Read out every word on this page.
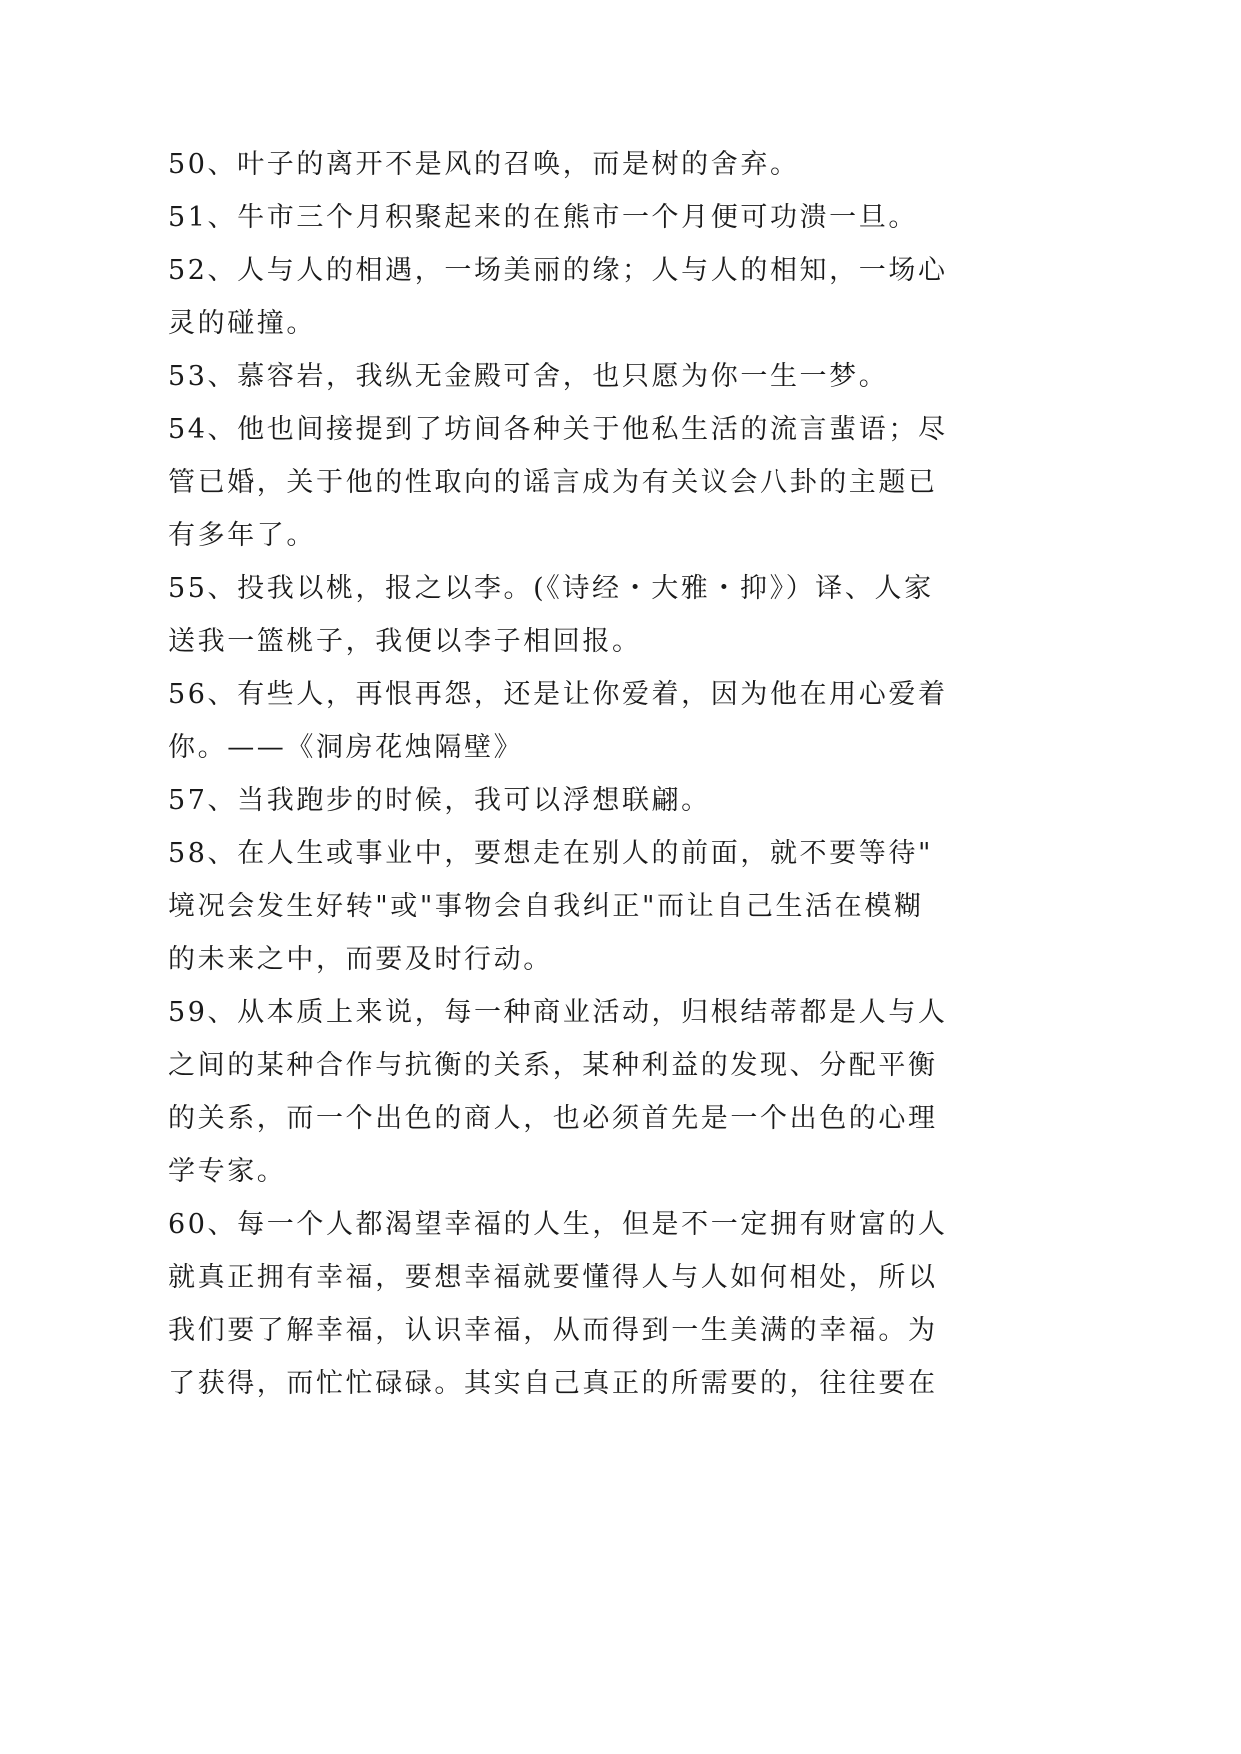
50、叶子的离开不是风的召唤，而是树的舍弃。
51、牛市三个月积聚起来的在熊市一个月便可功溃一旦。
52、人与人的相遇，一场美丽的缘；人与人的相知，一场心
灵的碰撞。
53、慕容岩，我纵无金殿可舍，也只愿为你一生一梦。
54、他也间接提到了坊间各种关于他私生活的流言蜚语；尽
管已婚，关于他的性取向的谣言成为有关议会八卦的主题已
有多年了。
55、投我以桃，报之以李。(《诗经・大雅・抑》）译、人家
送我一篮桃子，我便以李子相回报。
56、有些人，再恨再怨，还是让你爱着，因为他在用心爱着
你。——《洞房花烛隔壁》
57、当我跑步的时候，我可以浮想联翩。
58、在人生或事业中，要想走在别人的前面，就不要等待"
境况会发生好转"或"事物会自我纠正"而让自己生活在模糊
的未来之中，而要及时行动。
59、从本质上来说，每一种商业活动，归根结蒂都是人与人
之间的某种合作与抗衡的关系，某种利益的发现、分配平衡
的关系，而一个出色的商人，也必须首先是一个出色的心理
学专家。
60、每一个人都渴望幸福的人生，但是不一定拥有财富的人
就真正拥有幸福，要想幸福就要懂得人与人如何相处，所以
我们要了解幸福，认识幸福，从而得到一生美满的幸福。为
了获得，而忙忙碌碌。其实自己真正的所需要的，往往要在
